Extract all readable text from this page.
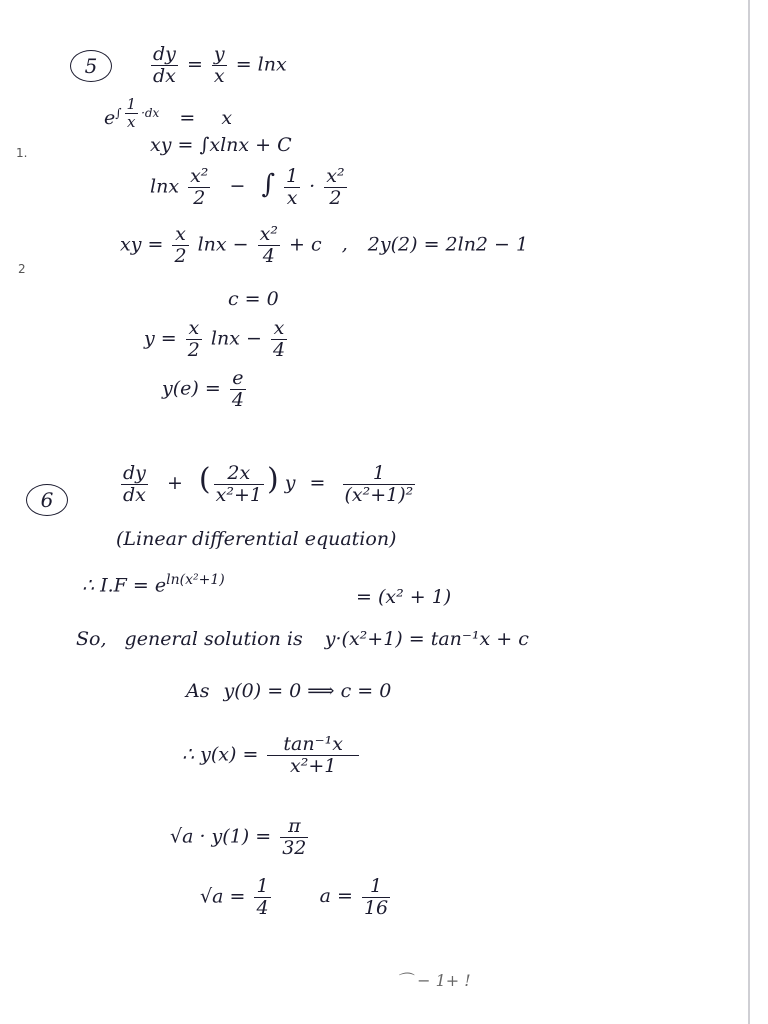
1.
2
5	$\frac{dy}{dx} = \frac{y}{x} = \ln x$
$e^{\int \frac{1}{x} \cdot dx} = x$
xy = ∫xlnx + C
lnx $\frac{\text{x²}}{2}$ − ∫ $\frac{1}{x} \cdot \frac{\text{x²}}{2}$
xy = $\frac{x}{2}$ $\ln x - \frac{\text{x²}}{4} + c$ , 2y(2) = 2ln2 − 1
c = 0
$y = \frac{x}{2}$ $\ln x - \frac{x}{4}$
$y(e) = \frac{e}{4}$
6	$\frac{dy}{dx}$ + ( $\frac{2x}{\text{x²+1}}$ ) $y = \frac{1}{\text{(x²+1)²}}$
(Linear differential equation)
∴ $I.F = e^{ln(x^2+1)}$
= (x² + 1)
So, general solution is y·(x²+1) = tan⁻¹x + c
As y(0) = 0 ⟹ c = 0
∴ $y(x) = \frac{\text{tan⁻¹x}}{\text{x²+1}}$
$√a \cdot y(1) = \frac{\pi}{32}$
$√a = \frac{1}{4}$	$a = \frac{1}{16}$
⌒ − 1+ !
